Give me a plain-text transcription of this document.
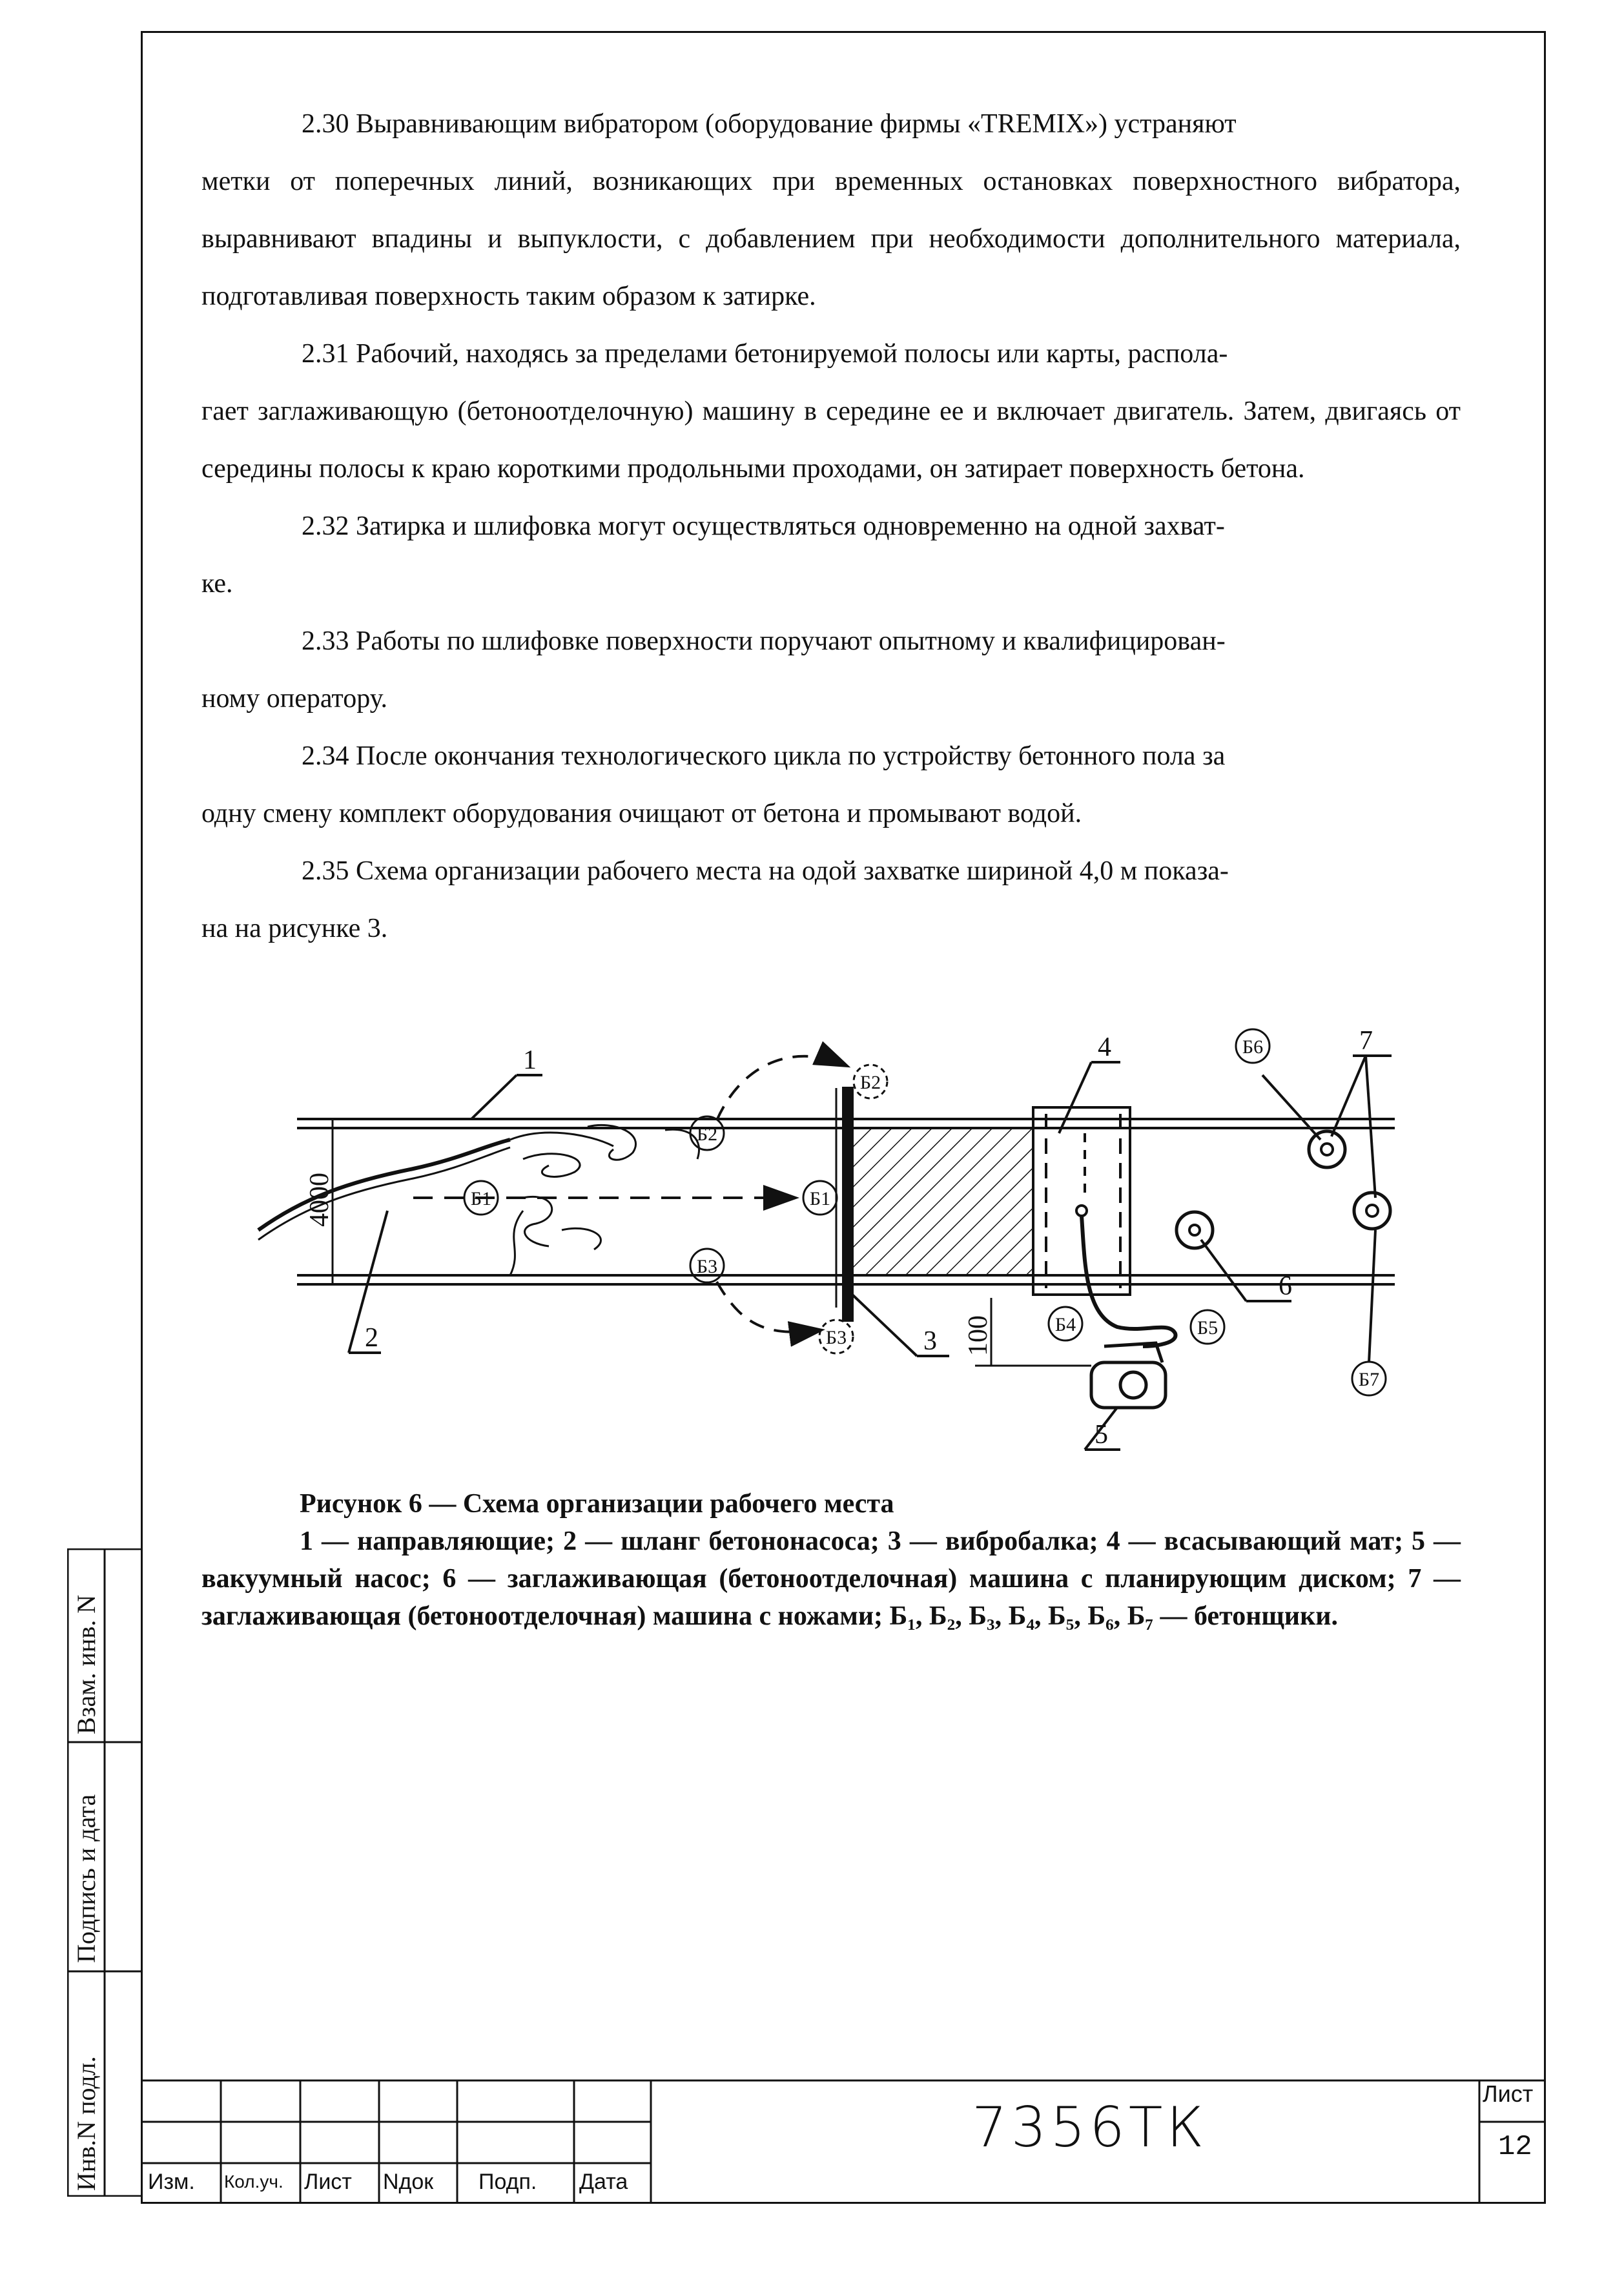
2.30 Выравнивающим вибратором (оборудование фирмы «TREMIX») устраняют
метки от поперечных линий, возникающих при временных остановках поверхностного вибратора, выравнивают впадины и выпуклости, с добавлением при необходимости дополнительного материала, подготавливая поверхность таким образом к затирке.

2.31 Рабочий, находясь за пределами бетонируемой полосы или карты, распола-
гает заглаживающую (бетоноотделочную) машину в середине ее и включает двигатель. Затем, двигаясь от середины полосы к краю короткими продольными проходами, он затирает поверхность бетона.

2.32 Затирка и шлифовка могут осуществляться одновременно на одной захват-
ке.

2.33 Работы по шлифовке поверхности поручают опытному и квалифицирован-
ному оператору.

2.34 После окончания технологического цикла по устройству бетонного пола за
одну смену комплект оборудования очищают от бетона и промывают водой.

2.35 Схема организации рабочего места на одой захватке шириной 4,0 м показа-
на на рисунке 3.

1
2	3
4
5
6
7
4000
100
Б1	Б1
Б2
Б2
Б3
Б3
Б4	Б5
Б6
Б7
Рисунок 6 — Схема организации рабочего места
1 — направляющие; 2 — шланг бетононасоса; 3 — вибробалка; 4 — всасывающий мат; 5 — вакуумный насос; 6 — заглаживающая (бетоноотделочная) машина с планирующим диском; 7 — заглаживающая (бетоноотделочная) машина с ножами; Б₁, Б₂, Б₃, Б₄, Б₅, Б₆, Б₇ — бетонщики.
Инв.N подл.
Подпись и дата
Взам. инв. N
Изм. Кол.уч. Лист Nдок Подп. Дата
7356ТК
Лист
12
